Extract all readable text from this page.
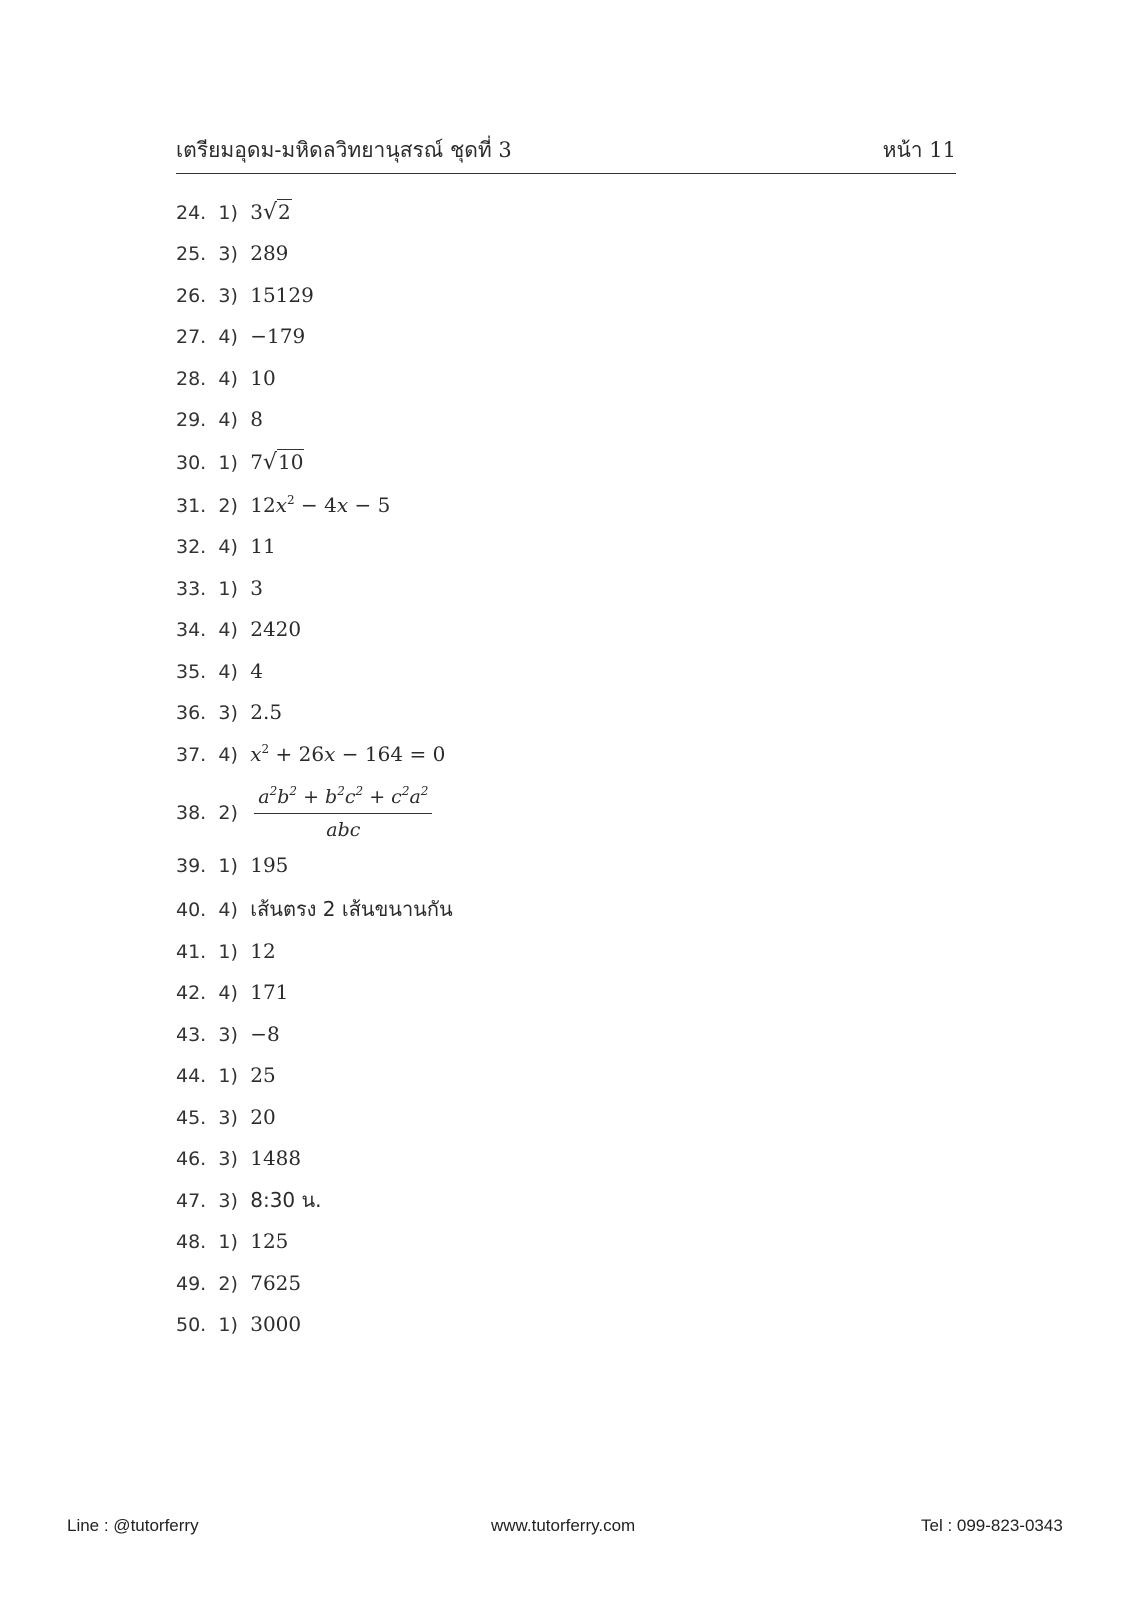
เตรียมอุดม-มหิดลวิทยานุสรณ์ ชุดที่ 3	หน้า 11
24. 1) 3√2
25. 3) 289
26. 3) 15129
27. 4) −179
28. 4) 10
29. 4) 8
30. 1) 7√10
31. 2) $12x^2 - 4x - 5$
32. 4) 11
33. 1) 3
34. 4) 2420
35. 4) 4
36. 3) 2.5
37. 4) $x^2 + 26x - 164 = 0$
38. $2) \frac{a^2b^2 + b^2c^2 + c^2a^2}{\text{abc}}$
39. 1) 195
40. 4) เส้นตรง 2 เส้นขนานกัน
41. 1) 12
42. 4) 171
43. 3) −8
44. 1) 25
45. 3) 20
46. 3) 1488
47. 3) 8:30 น.
48. 1) 125
49. 2) 7625
50. 1) 3000
Line : @tutorferry	www.tutorferry.com	Tel : 099-823-0343
